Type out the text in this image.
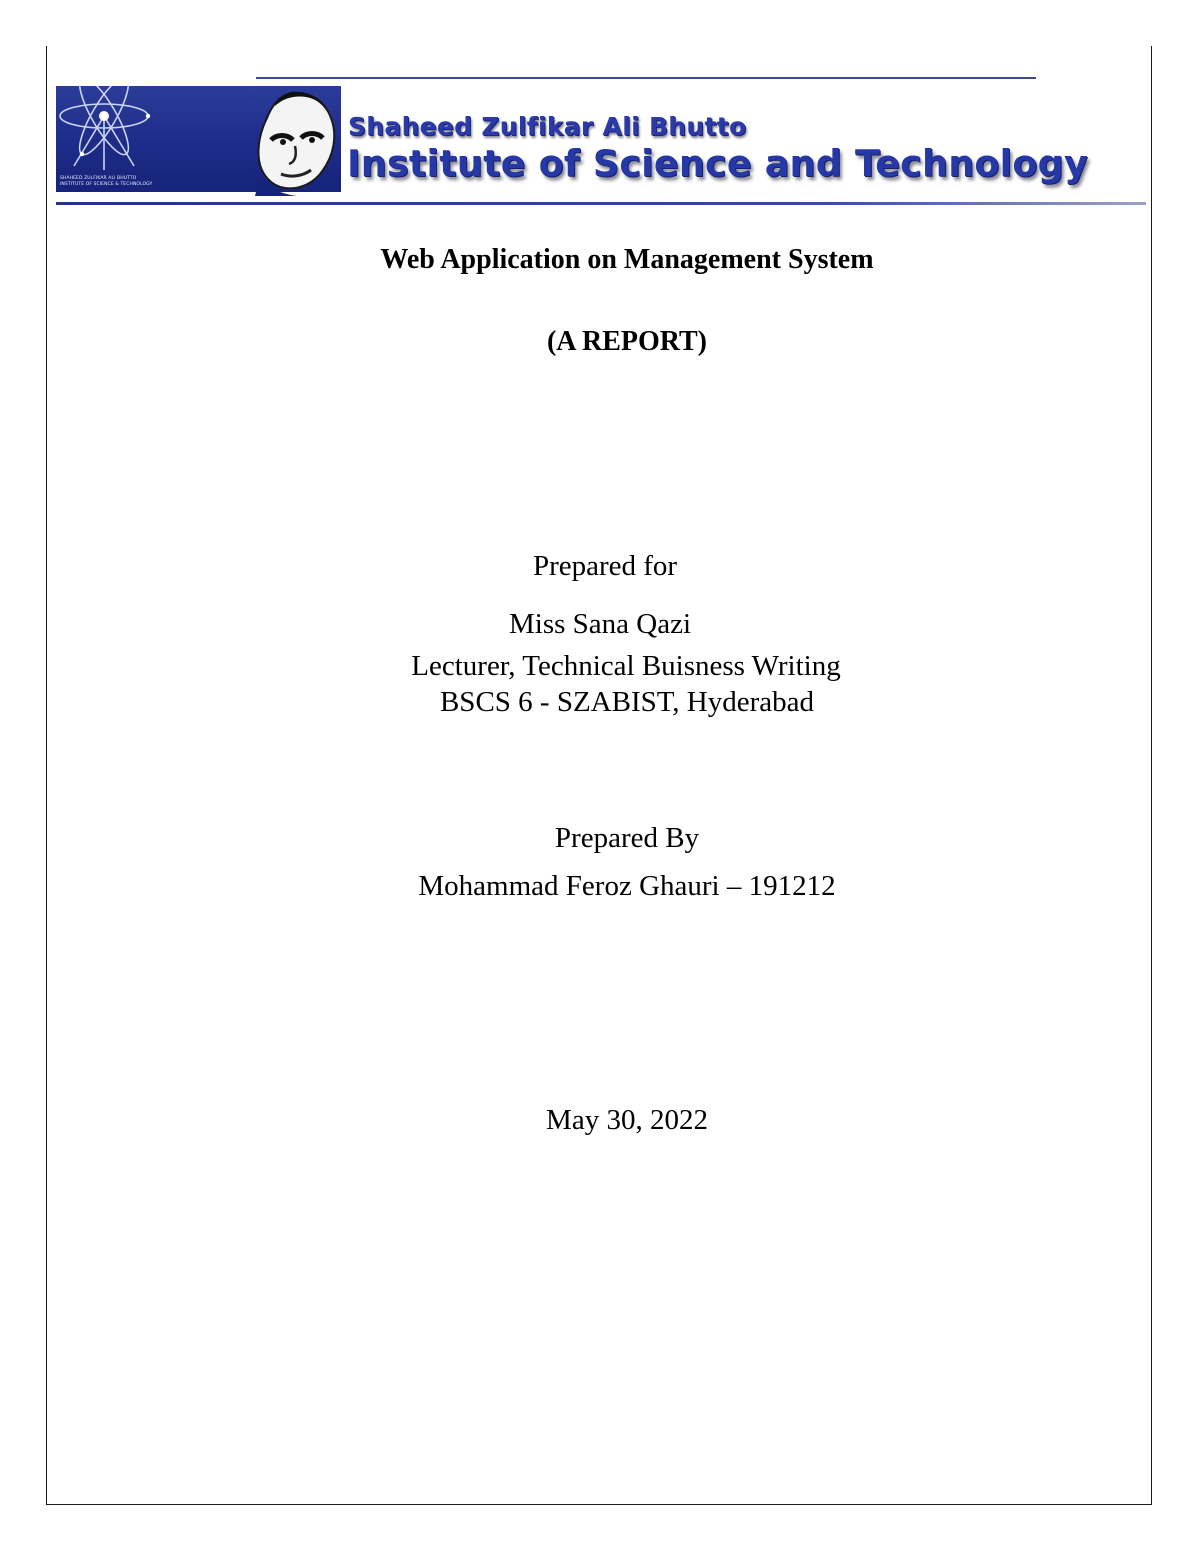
SHAHEED ZULFIKAR ALI BHUTTO
INSTITUTE OF SCIENCE & TECHNOLOGY
Shaheed Zulfikar Ali Bhutto
Institute of Science and Technology
Web Application on Management System
(A REPORT)
Prepared for
Miss Sana Qazi
Lecturer, Technical Buisness Writing
BSCS 6 - SZABIST, Hyderabad
Prepared By
Mohammad Feroz Ghauri – 191212
May 30, 2022
